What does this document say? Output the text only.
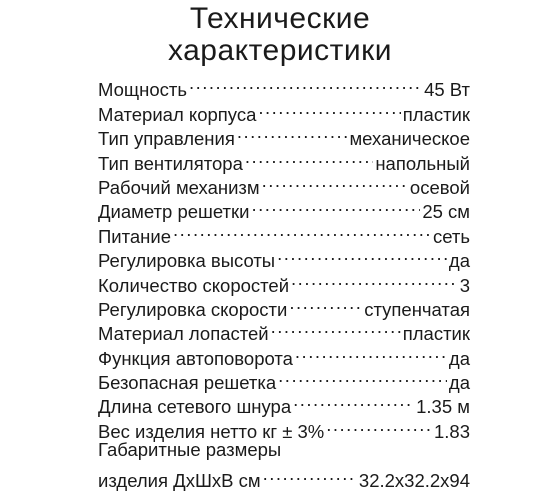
Технические
характеристики
Мощность .....	45 Вт
Материал корпуса .....	пластик
Тип управления .....	механическое
Тип вентилятора .....	напольный
Рабочий механизм .....	осевой
Диаметр решетки .....	25 см
Питание .....	сеть
Регулировка высоты .....	да
Количество скоростей .....	3
Регулировка скорости .....	ступенчатая
Материал лопастей .....	пластик
Функция автоповорота .....	да
Безопасная решетка .....	да
Длина сетевого шнура .....	1.35 м
Вес изделия нетто кг ± 3% .....	1.83
Габаритные размеры
изделия ДхШхВ см .....	32.2x32.2x94
